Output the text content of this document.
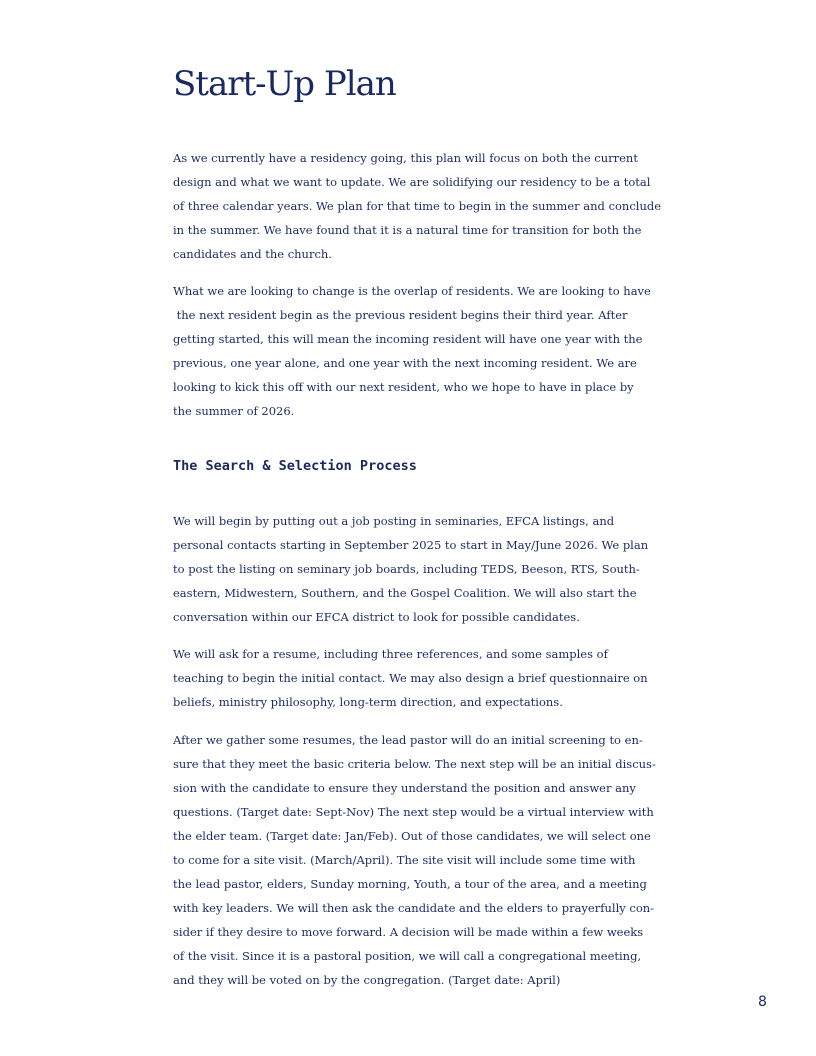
Start-Up Plan

As we currently have a residency going, this plan will focus on both the current
design and what we want to update. We are solidifying our residency to be a total
of three calendar years. We plan for that time to begin in the summer and conclude
in the summer. We have found that it is a natural time for transition for both the
candidates and the church.

What we are looking to change is the overlap of residents. We are looking to have
the next resident begin as the previous resident begins their third year. After
getting started, this will mean the incoming resident will have one year with the
previous, one year alone, and one year with the next incoming resident. We are
looking to kick this off with our next resident, who we hope to have in place by
the summer of 2026.

The Search & Selection Process

We will begin by putting out a job posting in seminaries, EFCA listings, and
personal contacts starting in September 2025 to start in May/June 2026. We plan
to post the listing on seminary job boards, including TEDS, Beeson, RTS, South-
eastern, Midwestern, Southern, and the Gospel Coalition. We will also start the
conversation within our EFCA district to look for possible candidates.

We will ask for a resume, including three references, and some samples of
teaching to begin the initial contact. We may also design a brief questionnaire on
beliefs, ministry philosophy, long-term direction, and expectations.

After we gather some resumes, the lead pastor will do an initial screening to en-
sure that they meet the basic criteria below. The next step will be an initial discus-
sion with the candidate to ensure they understand the position and answer any
questions. (Target date: Sept-Nov) The next step would be a virtual interview with
the elder team. (Target date: Jan/Feb). Out of those candidates, we will select one
to come for a site visit. (March/April). The site visit will include some time with
the lead pastor, elders, Sunday morning, Youth, a tour of the area, and a meeting
with key leaders. We will then ask the candidate and the elders to prayerfully con-
sider if they desire to move forward. A decision will be made within a few weeks
of the visit. Since it is a pastoral position, we will call a congregational meeting,
and they will be voted on by the congregation. (Target date: April)

8
